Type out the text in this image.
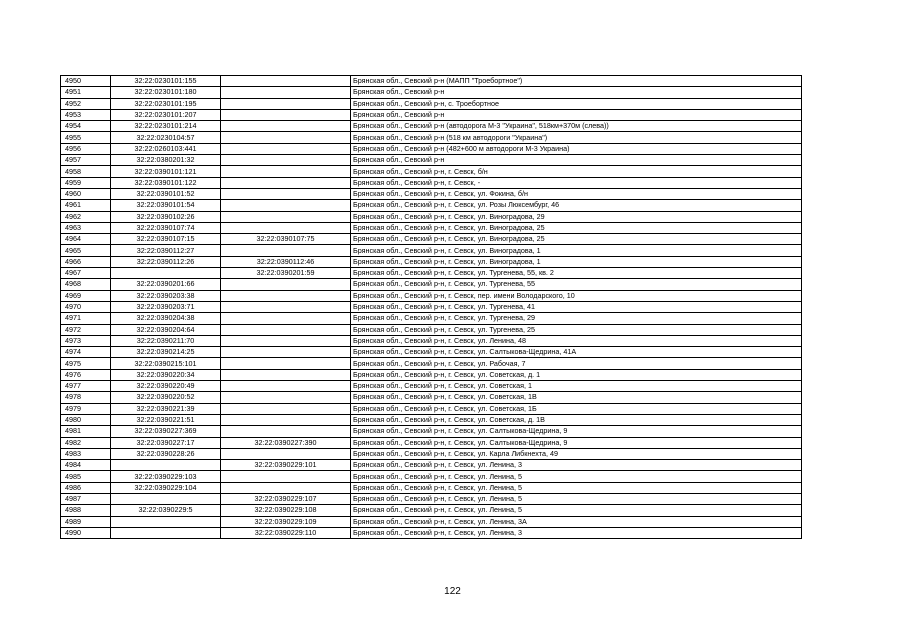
4950	32:22:0230101:155		Брянская обл., Севский р-н (МАПП "Троебортное")
4951	32:22:0230101:180		Брянская обл., Севский р-н
4952	32:22:0230101:195		Брянская обл., Севский р-н, с. Троебортное
4953	32:22:0230101:207		Брянская обл., Севский р-н
4954	32:22:0230101:214		Брянская обл., Севский р-н (автодорога М-3 "Украина", 518км+370м (слева))
4955	32:22:0230104:57		Брянская обл., Севский р-н (518 км автодороги "Украина")
4956	32:22:0260103:441		Брянская обл., Севский р-н (482+600 м автодороги М-3 Украина)
4957	32:22:0380201:32		Брянская обл., Севский р-н
4958	32:22:0390101:121		Брянская обл., Севский р-н, г. Севск, б/н
4959	32:22:0390101:122		Брянская обл., Севский р-н, г. Севск, -
4960	32:22:0390101:52		Брянская обл., Севский р-н, г. Севск, ул. Фокина, б/н
4961	32:22:0390101:54		Брянская обл., Севский р-н, г. Севск, ул. Розы Люксембург, 46
4962	32:22:0390102:26		Брянская обл., Севский р-н, г. Севск, ул. Виноградова, 29
4963	32:22:0390107:74		Брянская обл., Севский р-н, г. Севск, ул. Виноградова, 25
4964	32:22:0390107:15	32:22:0390107:75	Брянская обл., Севский р-н, г. Севск, ул. Виноградова, 25
4965	32:22:0390112:27		Брянская обл., Севский р-н, г. Севск, ул. Виноградова, 1
4966	32:22:0390112:26	32:22:0390112:46	Брянская обл., Севский р-н, г. Севск, ул. Виноградова, 1
4967		32:22:0390201:59	Брянская обл., Севский р-н, г. Севск, ул. Тургенева, 55, кв. 2
4968	32:22:0390201:66		Брянская обл., Севский р-н, г. Севск, ул. Тургенева, 55
4969	32:22:0390203:38		Брянская обл., Севский р-н, г. Севск, пер. имени Володарского, 10
4970	32:22:0390203:71		Брянская обл., Севский р-н, г. Севск, ул. Тургенева, 41
4971	32:22:0390204:38		Брянская обл., Севский р-н, г. Севск, ул. Тургенева, 29
4972	32:22:0390204:64		Брянская обл., Севский р-н, г. Севск, ул. Тургенева, 25
4973	32:22:0390211:70		Брянская обл., Севский р-н, г. Севск, ул. Ленина, 48
4974	32:22:0390214:25		Брянская обл., Севский р-н, г. Севск, ул. Салтыкова-Щедрина, 41А
4975	32:22:0390215:101		Брянская обл., Севский р-н, г. Севск, ул. Рабочая, 7
4976	32:22:0390220:34		Брянская обл., Севский р-н, г. Севск, ул. Советская, д. 1
4977	32:22:0390220:49		Брянская обл., Севский р-н, г. Севск, ул. Советская, 1
4978	32:22:0390220:52		Брянская обл., Севский р-н, г. Севск, ул. Советская, 1В
4979	32:22:0390221:39		Брянская обл., Севский р-н, г. Севск, ул. Советская, 1Б
4980	32:22:0390221:51		Брянская обл., Севский р-н, г. Севск, ул. Советская, д. 1В
4981	32:22:0390227:369		Брянская обл., Севский р-н, г. Севск, ул. Салтыкова-Щедрина, 9
4982	32:22:0390227:17	32:22:0390227:390	Брянская обл., Севский р-н, г. Севск, ул. Салтыкова-Щедрина, 9
4983	32:22:0390228:26		Брянская обл., Севский р-н, г. Севск, ул. Карла Либкнехта, 49
4984		32:22:0390229:101	Брянская обл., Севский р-н, г. Севск, ул. Ленина, 3
4985	32:22:0390229:103		Брянская обл., Севский р-н, г. Севск, ул. Ленина, 5
4986	32:22:0390229:104		Брянская обл., Севский р-н, г. Севск, ул. Ленина, 5
4987		32:22:0390229:107	Брянская обл., Севский р-н, г. Севск, ул. Ленина, 5
4988	32:22:0390229:5	32:22:0390229:108	Брянская обл., Севский р-н, г. Севск, ул. Ленина, 5
4989		32:22:0390229:109	Брянская обл., Севский р-н, г. Севск, ул. Ленина, 3А
4990		32:22:0390229:110	Брянская обл., Севский р-н, г. Севск, ул. Ленина, 3
122
